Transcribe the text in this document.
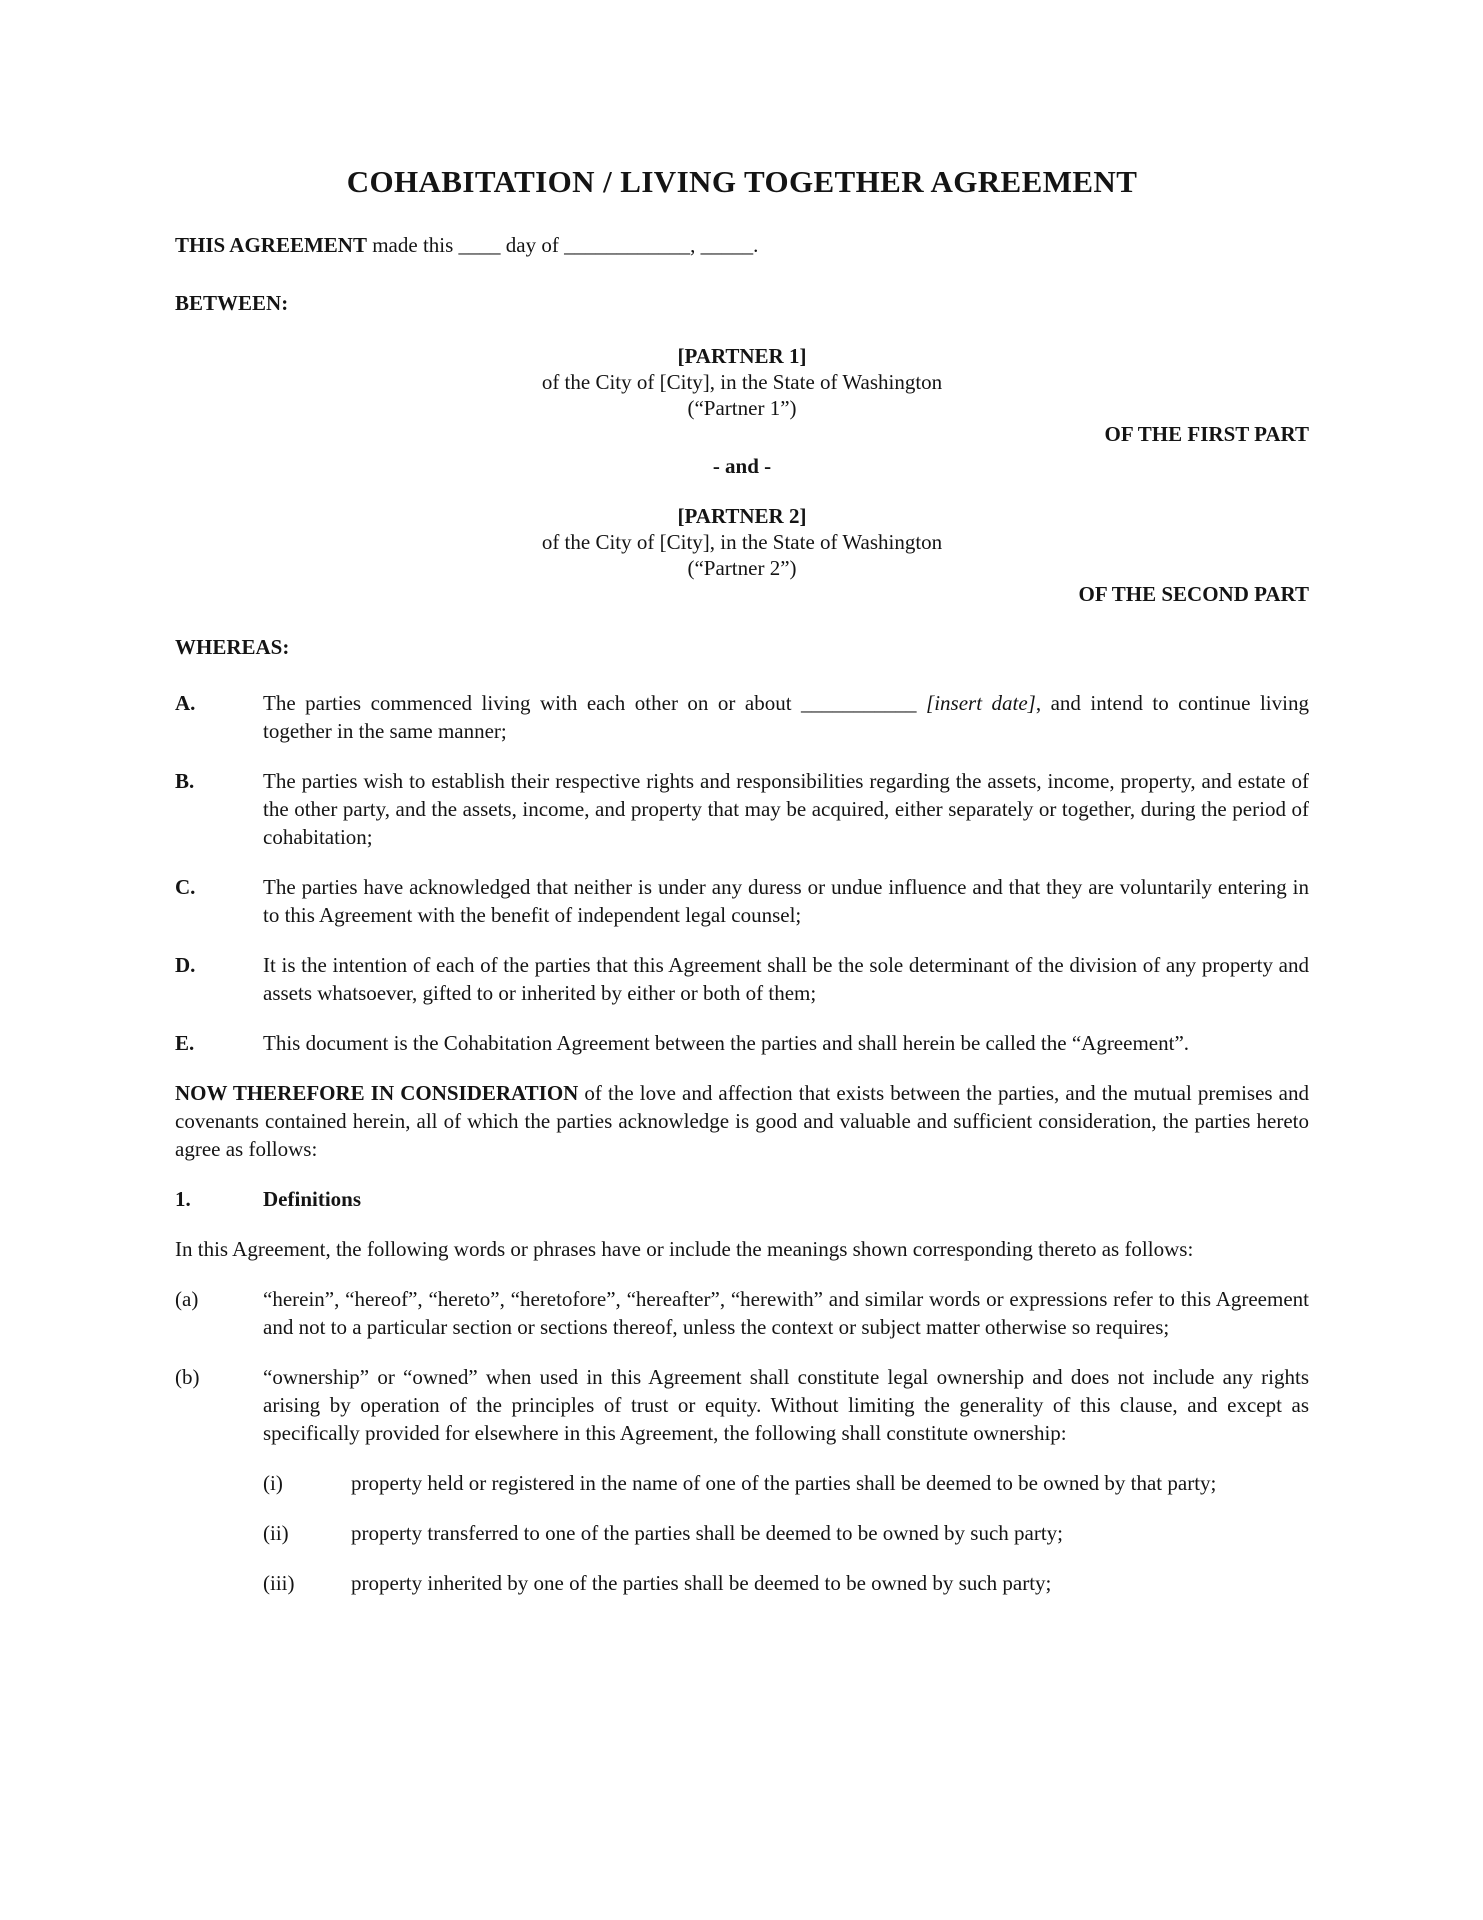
COHABITATION / LIVING TOGETHER AGREEMENT

THIS AGREEMENT made this ____ day of ____________, _____.

BETWEEN:

[PARTNER 1]
of the City of [City], in the State of Washington
(“Partner 1”)
OF THE FIRST PART
- and -
[PARTNER 2]
of the City of [City], in the State of Washington
(“Partner 2”)
OF THE SECOND PART

WHEREAS:

A.	The parties commenced living with each other on or about ___________ [insert date], and intend to continue living together in the same manner;
B.	The parties wish to establish their respective rights and responsibilities regarding the assets, income, property, and estate of the other party, and the assets, income, and property that may be acquired, either separately or together, during the period of cohabitation;
C.	The parties have acknowledged that neither is under any duress or undue influence and that they are voluntarily entering in to this Agreement with the benefit of independent legal counsel;
D.	It is the intention of each of the parties that this Agreement shall be the sole determinant of the division of any property and assets whatsoever, gifted to or inherited by either or both of them;
E.	This document is the Cohabitation Agreement between the parties and shall herein be called the “Agreement”.

NOW THEREFORE IN CONSIDERATION of the love and affection that exists between the parties, and the mutual premises and covenants contained herein, all of which the parties acknowledge is good and valuable and sufficient consideration, the parties hereto agree as follows:

1.	Definitions

In this Agreement, the following words or phrases have or include the meanings shown corresponding thereto as follows:

(a)	“herein”, “hereof”, “hereto”, “heretofore”, “hereafter”, “herewith” and similar words or expressions refer to this Agreement and not to a particular section or sections thereof, unless the context or subject matter otherwise so requires;
(b)	“ownership” or “owned” when used in this Agreement shall constitute legal ownership and does not include any rights arising by operation of the principles of trust or equity. Without limiting the generality of this clause, and except as specifically provided for elsewhere in this Agreement, the following shall constitute ownership:
(i)	property held or registered in the name of one of the parties shall be deemed to be owned by that party;
(ii)	property transferred to one of the parties shall be deemed to be owned by such party;
(iii)	property inherited by one of the parties shall be deemed to be owned by such party;
